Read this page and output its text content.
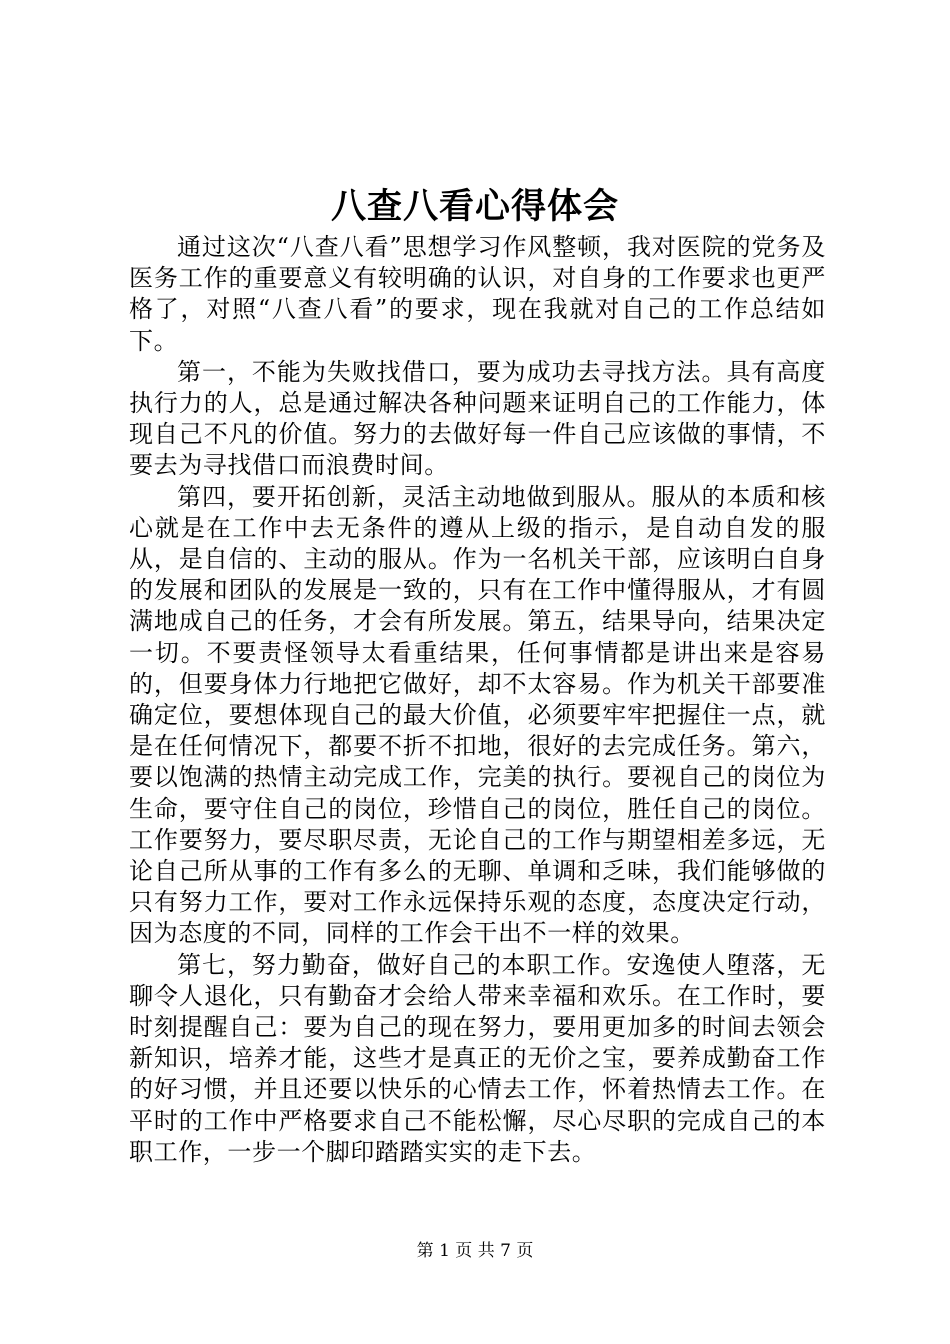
八查八看心得体会

通过这次“八查八看”思想学习作风整顿，我对医院的党务及医务工作的重要意义有较明确的认识，对自身的工作要求也更严格了，对照“八查八看”的要求，现在我就对自己的工作总结如下。

第一，不能为失败找借口，要为成功去寻找方法。具有高度执行力的人，总是通过解决各种问题来证明自己的工作能力，体现自己不凡的价值。努力的去做好每一件自己应该做的事情，不要去为寻找借口而浪费时间。

第四，要开拓创新，灵活主动地做到服从。服从的本质和核心就是在工作中去无条件的遵从上级的指示，是自动自发的服从，是自信的、主动的服从。作为一名机关干部，应该明白自身的发展和团队的发展是一致的，只有在工作中懂得服从，才有圆满地成自己的任务，才会有所发展。第五，结果导向，结果决定一切。不要责怪领导太看重结果，任何事情都是讲出来是容易的，但要身体力行地把它做好，却不太容易。作为机关干部要准确定位，要想体现自己的最大价值，必须要牢牢把握住一点，就是在任何情况下，都要不折不扣地，很好的去完成任务。第六，要以饱满的热情主动完成工作，完美的执行。要视自己的岗位为生命，要守住自己的岗位，珍惜自己的岗位，胜任自己的岗位。工作要努力，要尽职尽责，无论自己的工作与期望相差多远，无论自己所从事的工作有多么的无聊、单调和乏味，我们能够做的只有努力工作，要对工作永远保持乐观的态度，态度决定行动，因为态度的不同，同样的工作会干出不一样的效果。

第七，努力勤奋，做好自己的本职工作。安逸使人堕落，无聊令人退化，只有勤奋才会给人带来幸福和欢乐。在工作时，要时刻提醒自己：要为自己的现在努力，要用更加多的时间去领会新知识，培养才能，这些才是真正的无价之宝，要养成勤奋工作的好习惯，并且还要以快乐的心情去工作，怀着热情去工作。在平时的工作中严格要求自己不能松懈，尽心尽职的完成自己的本职工作，一步一个脚印踏踏实实的走下去。

第 1 页 共 7 页
